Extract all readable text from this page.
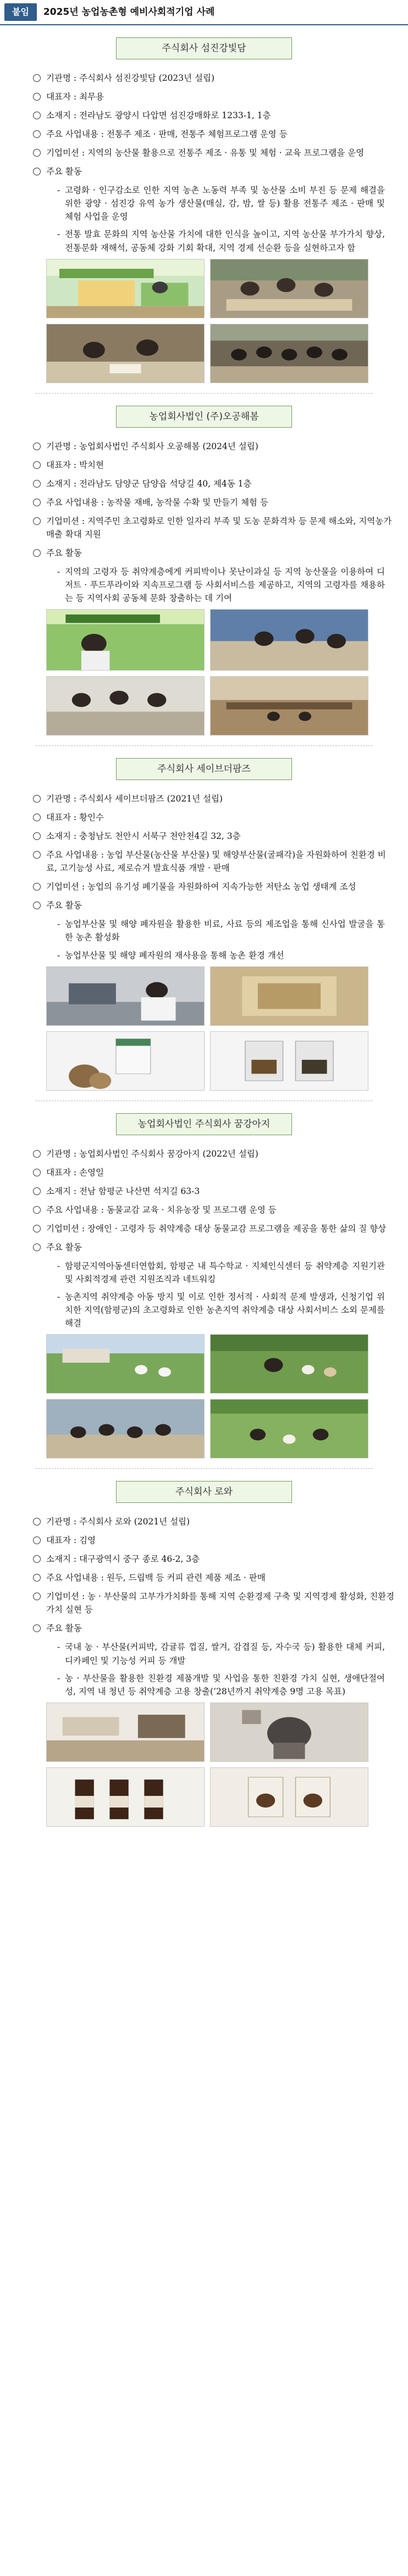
붙임	2025년 농업농촌형 예비사회적기업 사례
주식회사 섬진강빛담
기관명 : 주식회사 섬진강빛담 (2023년 설립)
대표자 : 최무용
소재지 : 전라남도 광양시 다압면 섬진강매화로 1233-1, 1층
주요 사업내용 : 전통주 제조 · 판매, 전통주 체험프로그램 운영 등
기업미션 : 지역의 농산물 활용으로 전통주 제조 · 유통 및 체험 · 교육 프로그램을 운영
주요 활동
- 고령화 · 인구감소로 인한 지역 농촌 노동력 부족 및 농산물 소비 부진 등 문제 해결을 위한 광양 · 섬진강 유역 농가 생산물(매실, 감, 밤, 쌀 등) 활용 전통주 제조 · 판매 및 체험 사업을 운영
- 전통 발효 문화의 지역 농산물 가치에 대한 인식을 높이고, 지역 농산물 부가가치 향상, 전통문화 재해석, 공동체 강화 기회 확대, 지역 경제 선순환 등을 실현하고자 함
농업회사법인 (주)오공해봄
기관명 : 농업회사법인 주식회사 오공해봄 (2024년 설립)
대표자 : 박치현
소재지 : 전라남도 담양군 담양읍 석당길 40, 제4동 1층
주요 사업내용 : 농작물 재배, 농작물 수확 및 만들기 체험 등
기업미션 : 지역주민 초고령화로 인한 일자리 부족 및 도농 문화격차 등 문제 해소와, 지역농가 매출 확대 지원
주요 활동
- 지역의 고령자 등 취약계층에게 커피박이나 못난이과실 등 지역 농산물을 이용하여 디저트 · 푸드푸라이와 지속프로그램 등 사회서비스를 제공하고, 지역의 고령자를 채용하는 등 지역사회 공동체 문화 창출하는 데 기여
주식회사 세이브더팜즈
기관명 : 주식회사 세이브더팜즈 (2021년 설립)
대표자 : 황인수
소재지 : 충청남도 천안시 서북구 천안천4길 32, 3층
주요 사업내용 : 농업 부산물(농산물 부산물) 및 해양부산물(굴패각)을 자원화하여 친환경 비료, 고기능성 사료, 제로슈거 발효식품 개발 · 판매
기업미션 : 농업의 유기성 폐기물을 자원화하여 지속가능한 저탄소 농업 생태계 조성
주요 활동
- 농업부산물 및 해양 폐자원을 활용한 비료, 사료 등의 제조업을 통해 신사업 발굴을 통한 농촌 활성화
- 농업부산물 및 해양 폐자원의 재사용을 통해 농촌 환경 개선
농업회사법인 주식회사 꿈강아지
기관명 : 농업회사법인 주식회사 꿈강아지 (2022년 설립)
대표자 : 손영일
소재지 : 전남 함평군 나산면 석지길 63-3
주요 사업내용 : 동물교감 교육 · 치유농장 및 프로그램 운영 등
기업미션 : 장애인 · 고령자 등 취약계층 대상 동물교감 프로그램을 제공을 통한 삶의 질 향상
주요 활동
- 함평군지역아동센터연합회, 함평군 내 특수학교 · 지체인식센터 등 취약계층 지원기관 및 사회적경제 관련 지원조직과 네트워킹
- 농촌지역 취약계층 아동 방지 및 이로 인한 정서적 · 사회적 문제 발생과, 신청기업 위치한 지역(함평군)의 초고령화로 인한 농촌지역 취약계층 대상 사회서비스 소외 문제를 해결
주식회사 로와
기관명 : 주식회사 로와 (2021년 설립)
대표자 : 김영
소재지 : 대구광역시 중구 종로 46-2, 3층
주요 사업내용 : 원두, 드립백 등 커피 관련 제품 제조 · 판매
기업미션 : 농 · 부산물의 고부가가치화를 통해 지역 순환경제 구축 및 지역경제 활성화, 친환경 가치 실현 등
주요 활동
- 국내 농 · 부산물(커피박, 감귤류 껍질, 쌀겨, 감겹질 등, 자수국 등) 활용한 대체 커피, 디카페인 및 기능성 커피 등 개발
- 농 · 부산물을 활용한 친환경 제품개발 및 사업을 통한 친환경 가치 실현, 생애단절여성, 지역 내 청년 등 취약계층 고용 창출(‘28년까지 취약계층 9명 고용 목표)
